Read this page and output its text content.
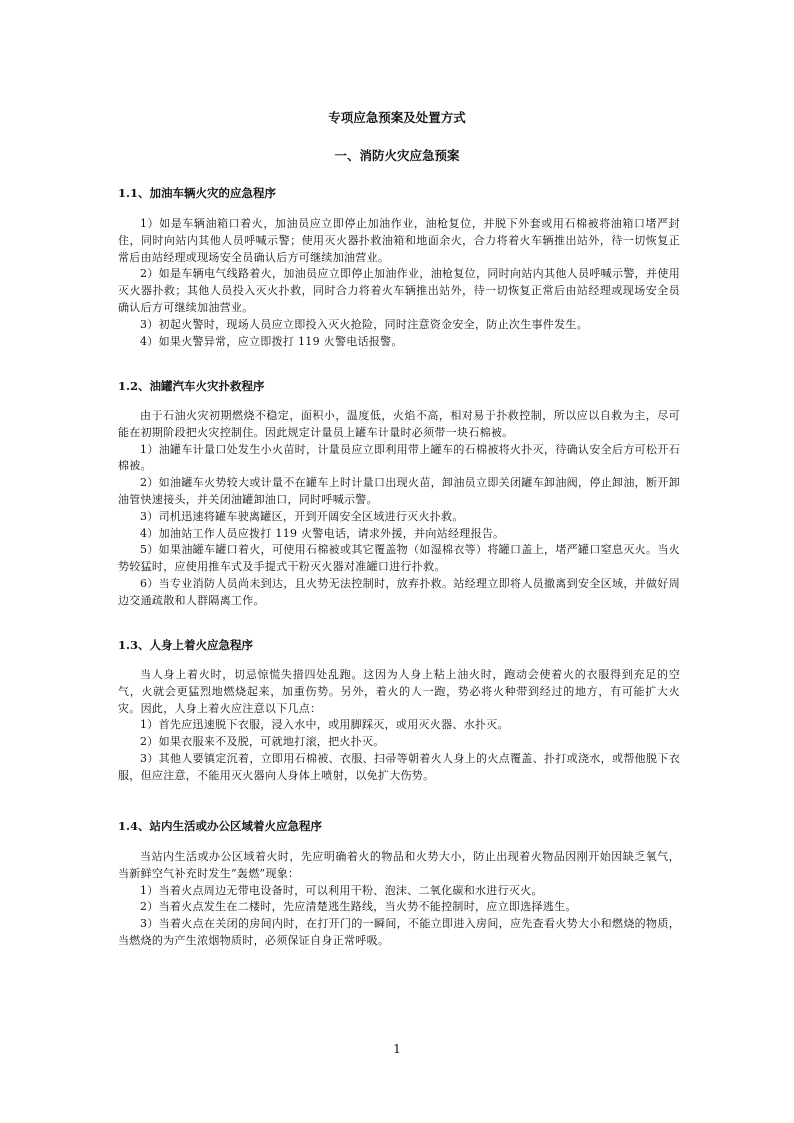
专项应急预案及处置方式
一、消防火灾应急预案
1.1、加油车辆火灾的应急程序

1）如是车辆油箱口着火，加油员应立即停止加油作业，油枪复位，并脱下外套或用石棉被将油箱口堵严封住，同时向站内其他人员呼喊示警；使用灭火器扑救油箱和地面余火，合力将着火车辆推出站外，待一切恢复正常后由站经理或现场安全员确认后方可继续加油营业。

2）如是车辆电气线路着火，加油员应立即停止加油作业，油枪复位，同时向站内其他人员呼喊示警，并使用灭火器扑救；其他人员投入灭火扑救，同时合力将着火车辆推出站外，待一切恢复正常后由站经理或现场安全员确认后方可继续加油营业。

3）初起火警时，现场人员应立即投入灭火抢险，同时注意资金安全，防止次生事件发生。

4）如果火警异常，应立即拨打 119 火警电话报警。

1.2、油罐汽车火灾扑救程序

由于石油火灾初期燃烧不稳定，面积小，温度低，火焰不高，相对易于扑救控制，所以应以自救为主，尽可能在初期阶段把火灾控制住。因此规定计量员上罐车计量时必须带一块石棉被。

1）油罐车计量口处发生小火苗时，计量员应立即利用带上罐车的石棉被将火扑灭，待确认安全后方可松开石棉被。

2）如油罐车火势较大或计量不在罐车上时计量口出现火苗，卸油员立即关闭罐车卸油阀，停止卸油，断开卸油管快速接头，并关闭油罐卸油口，同时呼喊示警。

3）司机迅速将罐车驶离罐区，开到开阔安全区域进行灭火扑救。

4）加油站工作人员应拨打 119 火警电话，请求外援，并向站经理报告。

5）如果油罐车罐口着火，可使用石棉被或其它覆盖物（如湿棉衣等）将罐口盖上，堵严罐口窒息灭火。当火势较猛时，应使用推车式及手提式干粉灭火器对准罐口进行扑救。

6）当专业消防人员尚未到达，且火势无法控制时，放弃扑救。站经理立即将人员撤离到安全区域，并做好周边交通疏散和人群隔离工作。

1.3、人身上着火应急程序

当人身上着火时，切忌惊慌失措四处乱跑。这因为人身上粘上油火时，跑动会使着火的衣服得到充足的空气，火就会更猛烈地燃烧起来，加重伤势。另外，着火的人一跑，势必将火种带到经过的地方，有可能扩大火灾。因此，人身上着火应注意以下几点：

1）首先应迅速脱下衣服，浸入水中，或用脚踩灭，或用灭火器、水扑灭。

2）如果衣服来不及脱，可就地打滚，把火扑灭。

3）其他人要镇定沉着，立即用石棉被、衣服、扫帚等朝着火人身上的火点覆盖、扑打或浇水，或帮他脱下衣服，但应注意，不能用灭火器向人身体上喷射，以免扩大伤势。

1.4、站内生活或办公区域着火应急程序

当站内生活或办公区域着火时，先应明确着火的物品和火势大小，防止出现着火物品因刚开始因缺乏氧气，当新鲜空气补充时发生“轰燃”现象：

1）当着火点周边无带电设备时，可以利用干粉、泡沫、二氧化碳和水进行灭火。

2）当着火点发生在二楼时，先应清楚逃生路线，当火势不能控制时，应立即选择逃生。

3）当着火点在关闭的房间内时，在打开门的一瞬间，不能立即进入房间，应先查看火势大小和燃烧的物质，当燃烧的为产生浓烟物质时，必须保证自身正常呼吸。

1
